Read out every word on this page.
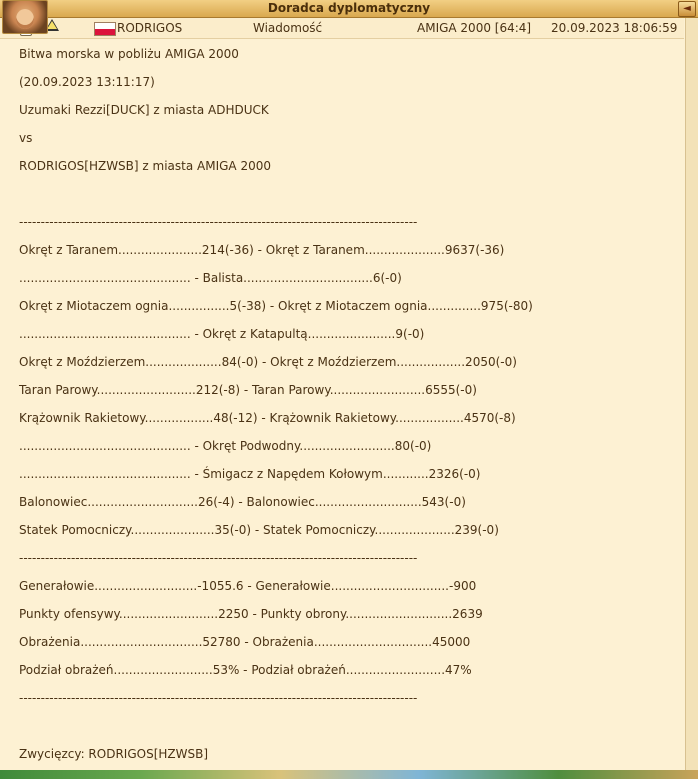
Doradca dyplomatyczny	◄
RODRIGOS	Wiadomość	AMIGA 2000 [64:4] 20.09.2023 18:06:59
Bitwa morska w pobliżu AMIGA 2000
(20.09.2023 13:11:17)
Uzumaki Rezzi[DUCK] z miasta ADHDUCK
vs
RODRIGOS[HZWSB] z miasta AMIGA 2000
--------------------------------------------------------------------------------------------
Okręt z Taranem......................214(-36) - Okręt z Taranem.....................9637(-36)
............................................. - Balista..................................6(-0)
Okręt z Miotaczem ognia................5(-38) - Okręt z Miotaczem ognia..............975(-80)
............................................. - Okręt z Katapultą.......................9(-0)
Okręt z Moździerzem....................84(-0) - Okręt z Moździerzem..................2050(-0)
Taran Parowy..........................212(-8) - Taran Parowy.........................6555(-0)
Krążownik Rakietowy..................48(-12) - Krążownik Rakietowy..................4570(-8)
............................................. - Okręt Podwodny.........................80(-0)
............................................. - Śmigacz z Napędem Kołowym............2326(-0)
Balonowiec.............................26(-4) - Balonowiec............................543(-0)
Statek Pomocniczy......................35(-0) - Statek Pomocniczy.....................239(-0)
--------------------------------------------------------------------------------------------
Generałowie...........................-1055.6 - Generałowie...............................-900
Punkty ofensywy..........................2250 - Punkty obrony............................2639
Obrażenia................................52780 - Obrażenia...............................45000
Podział obrażeń..........................53% - Podział obrażeń..........................47%
--------------------------------------------------------------------------------------------
Zwycięzcy: RODRIGOS[HZWSB]
